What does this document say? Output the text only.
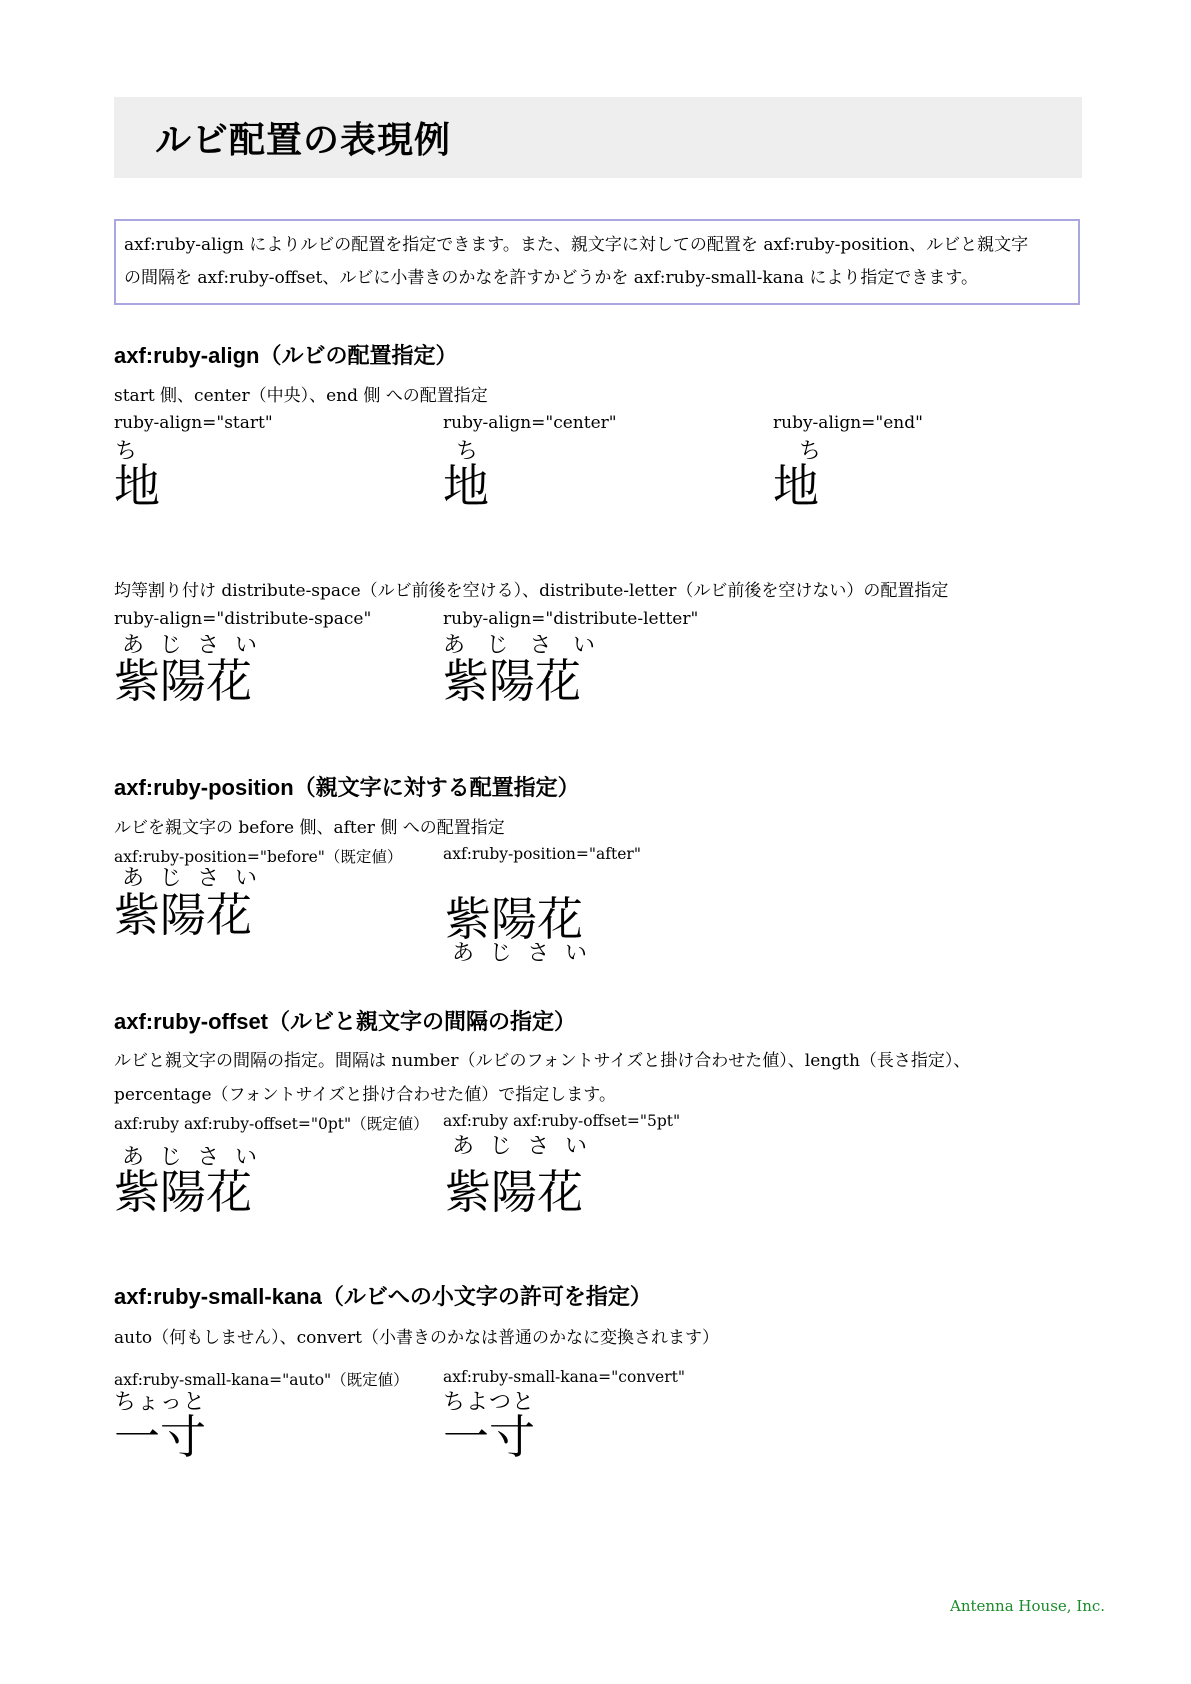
ルビ配置の表現例
axf:ruby-align によりルビの配置を指定できます。また、親文字に対しての配置を axf:ruby-position、ルビと親文字
の間隔を axf:ruby-offset、ルビに小書きのかなを許すかどうかを axf:ruby-small-kana により指定できます。
axf:ruby-align（ルビの配置指定）
start 側、center（中央）、end 側 への配置指定
ruby-align="start"
ち
地
ruby-align="center"
ち
地
ruby-align="end"
ち
地
均等割り付け distribute-space（ルビ前後を空ける）、distribute-letter（ルビ前後を空けない）の配置指定
ruby-align="distribute-space"
あ じ さ い
紫陽花
ruby-align="distribute-letter"
あ じ さ い
紫陽花
axf:ruby-position（親文字に対する配置指定）
ルビを親文字の before 側、after 側 への配置指定
axf:ruby-position="before"（既定値）
あ じ さ い
紫陽花
axf:ruby-position="after"
紫陽花
あ じ さ い
axf:ruby-offset（ルビと親文字の間隔の指定）
ルビと親文字の間隔の指定。間隔は number（ルビのフォントサイズと掛け合わせた値）、length（長さ指定）、
percentage（フォントサイズと掛け合わせた値）で指定します。
axf:ruby axf:ruby-offset="0pt"（既定値）
あ じ さ い
紫陽花
axf:ruby axf:ruby-offset="5pt"
あ じ さ い
紫陽花
axf:ruby-small-kana（ルビへの小文字の許可を指定）
auto（何もしません）、convert（小書きのかなは普通のかなに変換されます）
axf:ruby-small-kana="auto"（既定値）
ちょっと
一寸
axf:ruby-small-kana="convert"
ちよつと
一寸
Antenna House, Inc.
